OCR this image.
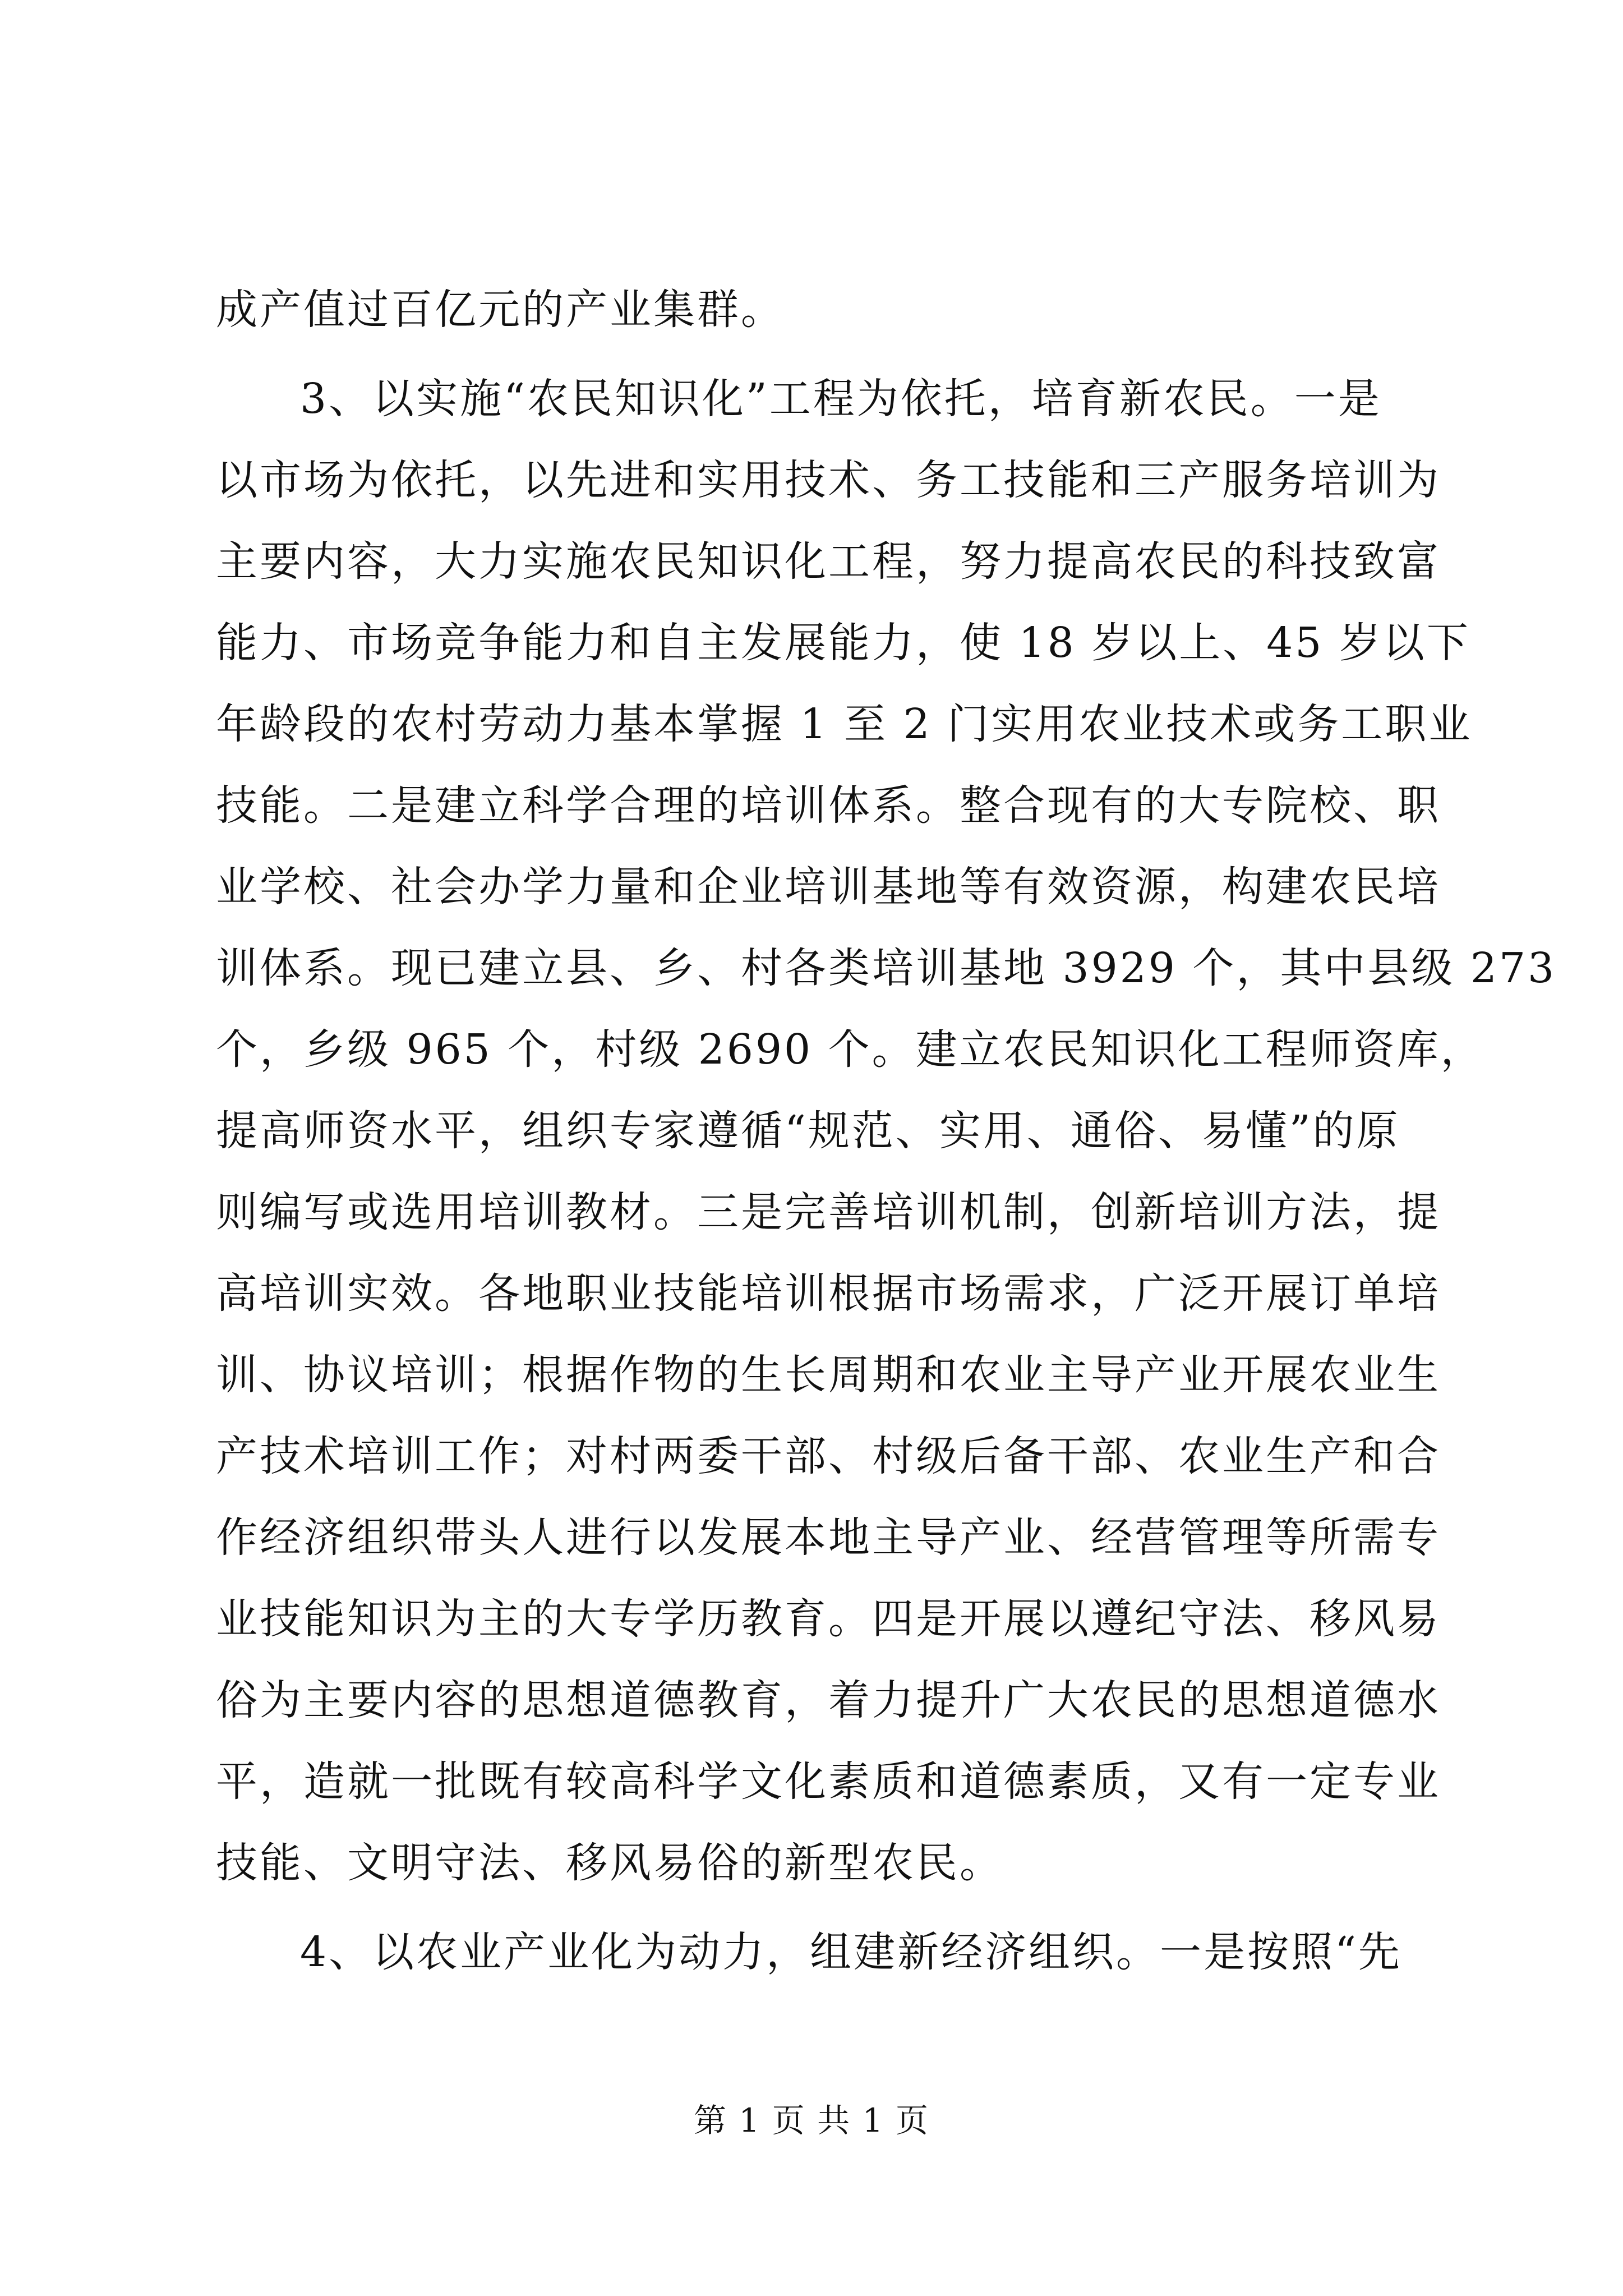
成产值过百亿元的产业集群。
3、以实施“农民知识化”工程为依托，培育新农民。一是
以市场为依托，以先进和实用技术、务工技能和三产服务培训为
主要内容，大力实施农民知识化工程，努力提高农民的科技致富
能力、市场竞争能力和自主发展能力，使 18 岁以上、45 岁以下
年龄段的农村劳动力基本掌握 1 至 2 门实用农业技术或务工职业
技能。二是建立科学合理的培训体系。整合现有的大专院校、职
业学校、社会办学力量和企业培训基地等有效资源，构建农民培
训体系。现已建立县、乡、村各类培训基地 3929 个，其中县级 273
个，乡级 965 个，村级 2690 个。建立农民知识化工程师资库，
提高师资水平，组织专家遵循“规范、实用、通俗、易懂”的原
则编写或选用培训教材。三是完善培训机制，创新培训方法，提
高培训实效。各地职业技能培训根据市场需求，广泛开展订单培
训、协议培训；根据作物的生长周期和农业主导产业开展农业生
产技术培训工作；对村两委干部、村级后备干部、农业生产和合
作经济组织带头人进行以发展本地主导产业、经营管理等所需专
业技能知识为主的大专学历教育。四是开展以遵纪守法、移风易
俗为主要内容的思想道德教育，着力提升广大农民的思想道德水
平，造就一批既有较高科学文化素质和道德素质，又有一定专业
技能、文明守法、移风易俗的新型农民。
4、以农业产业化为动力，组建新经济组织。一是按照“先
第 1 页 共 1 页
